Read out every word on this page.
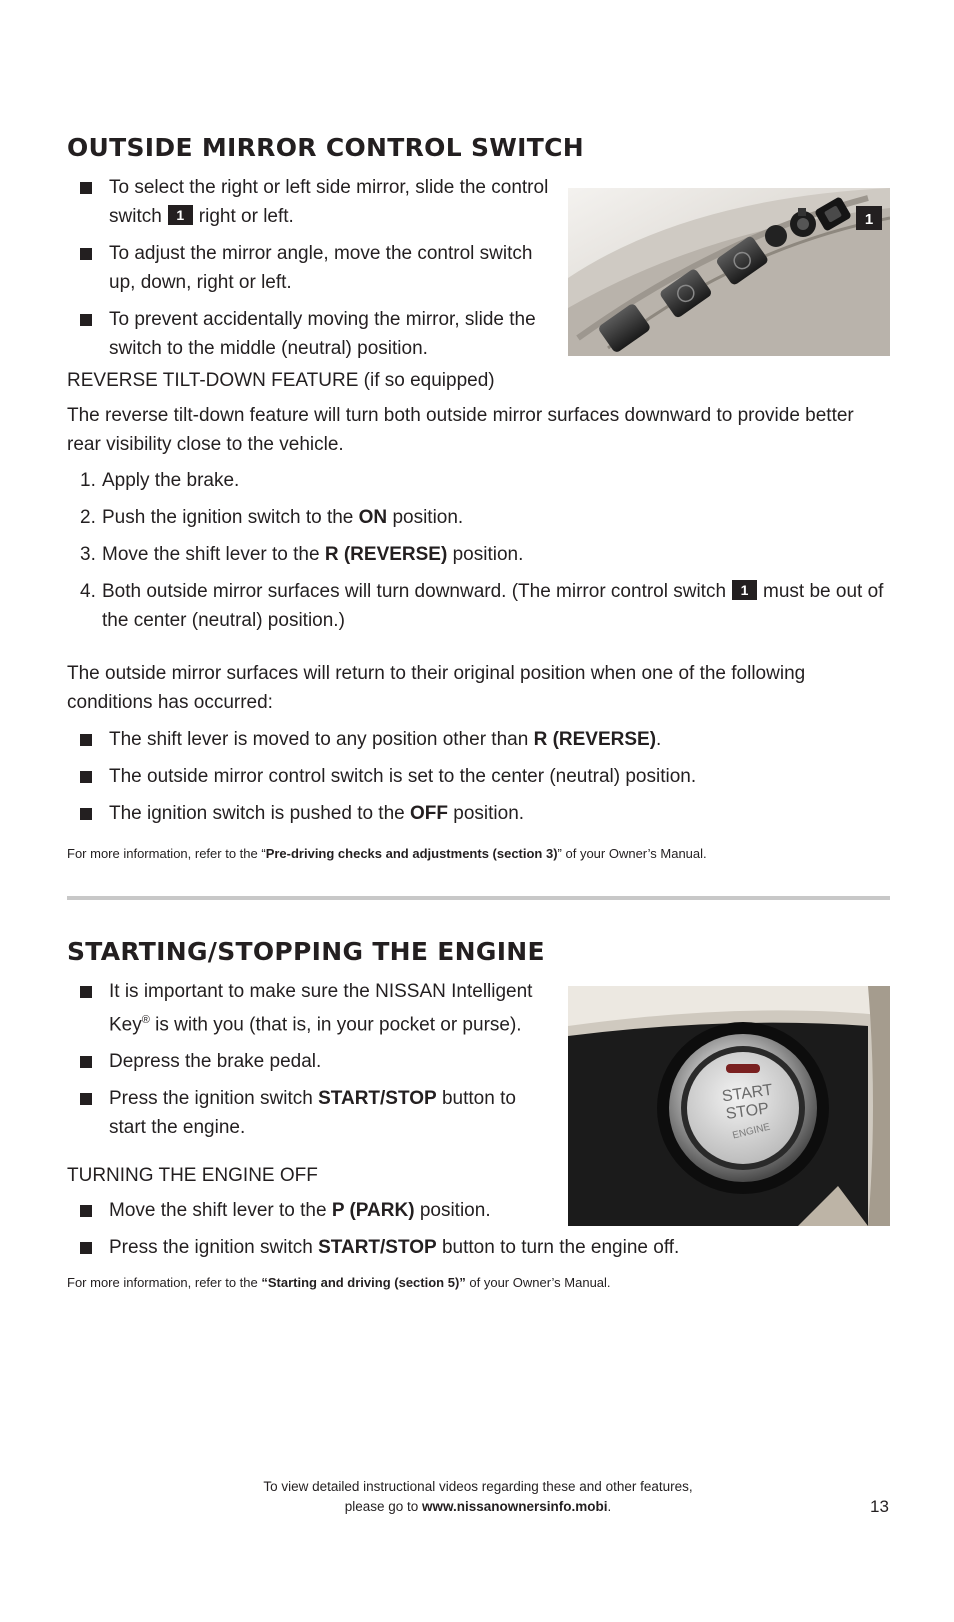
OUTSIDE MIRROR CONTROL SWITCH
To select the right or left side mirror, slide the control switch 1 right or left.
To adjust the mirror angle, move the control switch up, down, right or left.
To prevent accidentally moving the mirror, slide the switch to the middle (neutral) position.
1

REVERSE TILT-DOWN FEATURE (if so equipped)

The reverse tilt-down feature will turn both outside mirror surfaces downward to provide better rear visibility close to the vehicle.

1. Apply the brake.
2. Push the ignition switch to the ON position.
3. Move the shift lever to the R (REVERSE) position.
4. Both outside mirror surfaces will turn downward. (The mirror control switch 1 must be out of the center (neutral) position.)

The outside mirror surfaces will return to their original position when one of the following conditions has occurred:

The shift lever is moved to any position other than R (REVERSE).
The outside mirror control switch is set to the center (neutral) position.
The ignition switch is pushed to the OFF position.

For more information, refer to the “Pre-driving checks and adjustments (section 3)” of your Owner’s Manual.

STARTING/STOPPING THE ENGINE
It is important to make sure the NISSAN Intelligent Key® is with you (that is, in your pocket or purse).
Depress the brake pedal.
Press the ignition switch START/STOP button to start the engine.
START
STOP
ENGINE

TURNING THE ENGINE OFF

Move the shift lever to the P (PARK) position.
Press the ignition switch START/STOP button to turn the engine off.

For more information, refer to the “Starting and driving (section 5)” of your Owner’s Manual.

To view detailed instructional videos regarding these and other features,
please go to www.nissanownersinfo.mobi.	13
